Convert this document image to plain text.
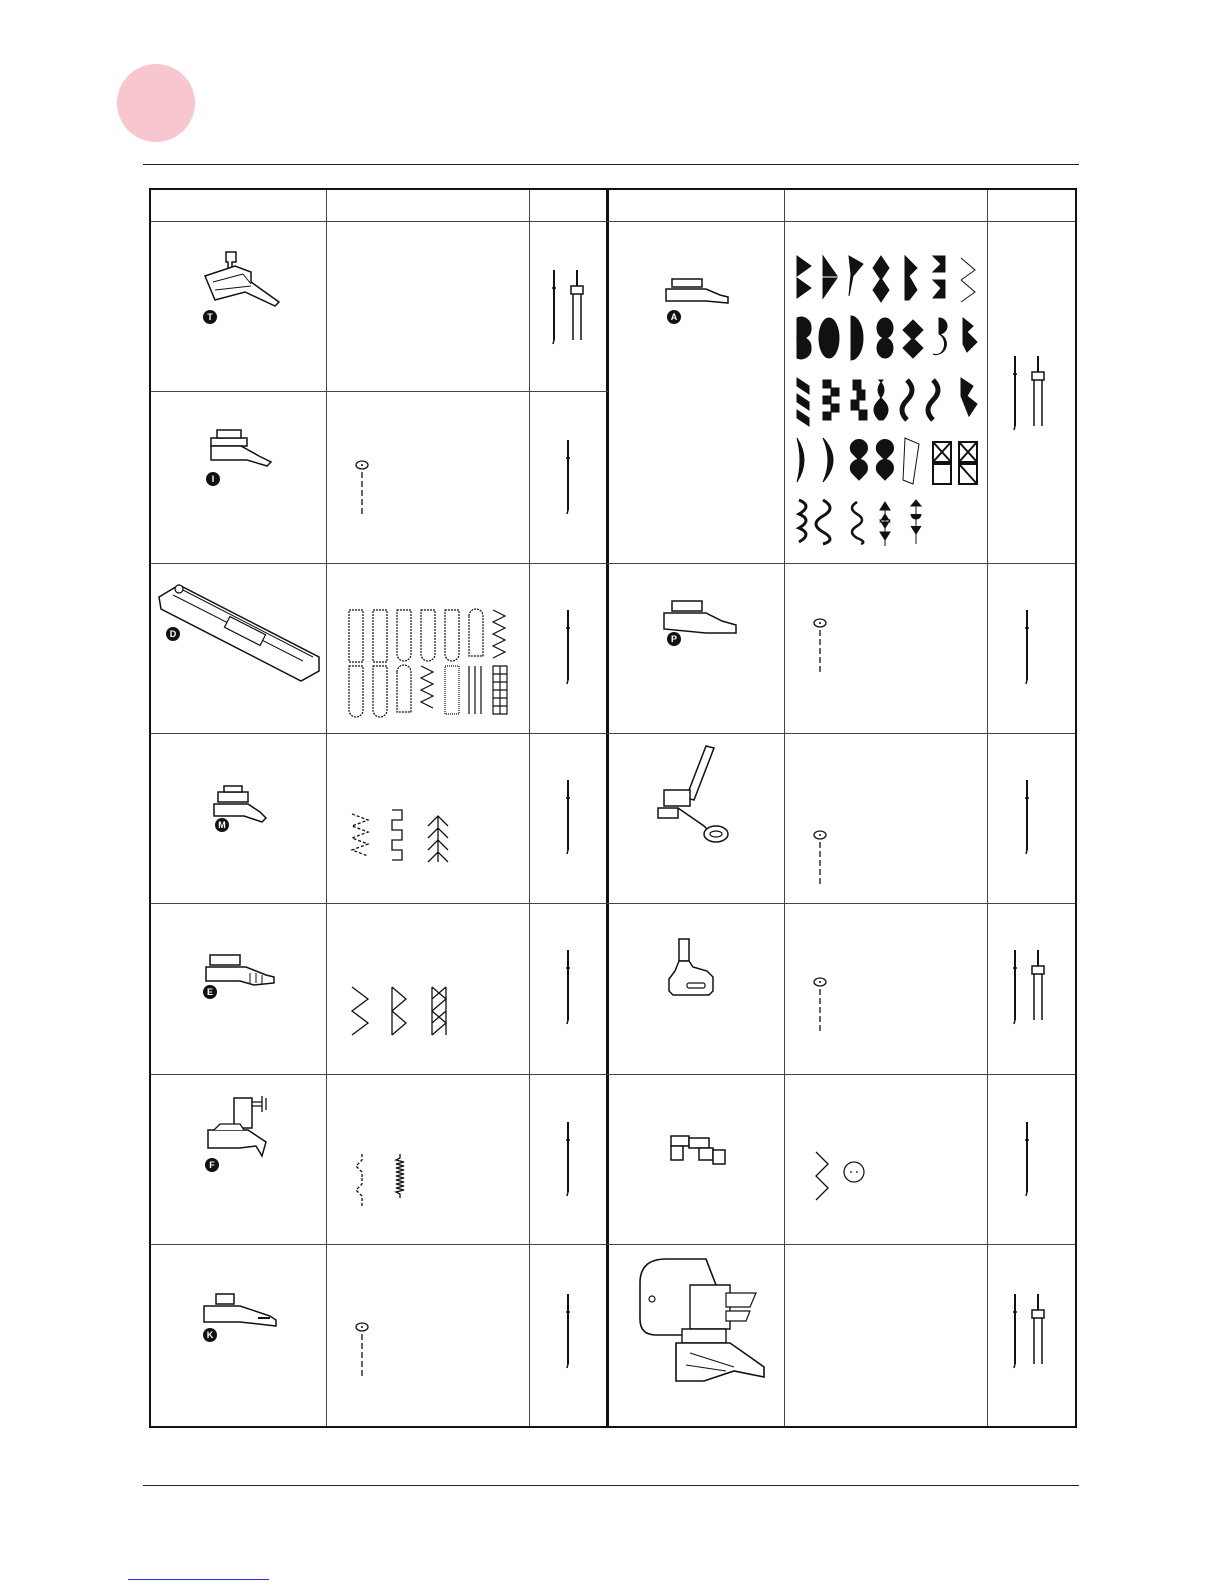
T
I
D
M
E
F
K
A
P
